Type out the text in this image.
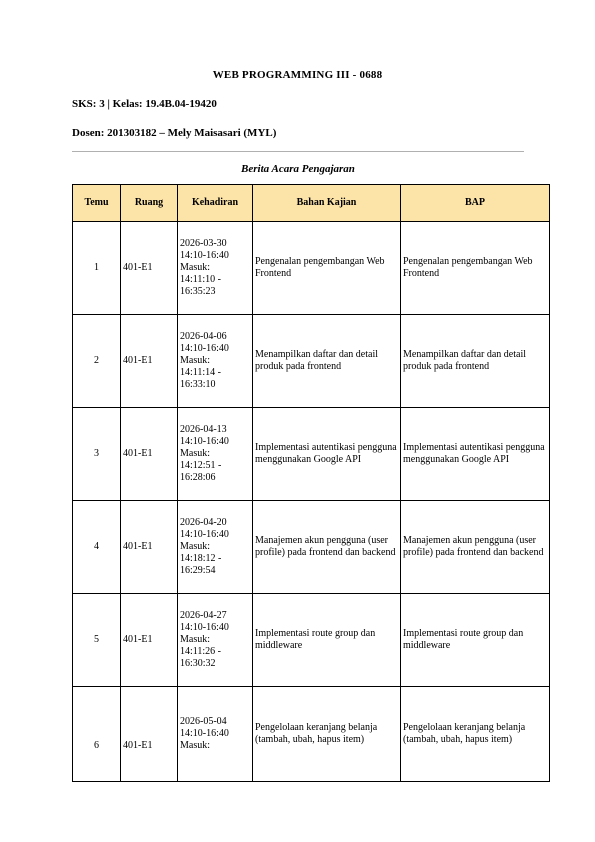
WEB PROGRAMMING III - 0688
SKS: 3 | Kelas: 19.4B.04-19420
Dosen: 201303182 – Mely Maisasari (MYL)
Berita Acara Pengajaran
Temu	Ruang	Kehadiran	Bahan Kajian	BAP
1	401-E1	2026-03-30
14:10-16:40
Masuk:
14:11:10 -
16:35:23	Pengenalan pengembangan Web Frontend	Pengenalan pengembangan Web Frontend
2	401-E1	2026-04-06
14:10-16:40
Masuk:
14:11:14 -
16:33:10	Menampilkan daftar dan detail produk pada frontend	Menampilkan daftar dan detail produk pada frontend
3	401-E1	2026-04-13
14:10-16:40
Masuk:
14:12:51 -
16:28:06	Implementasi autentikasi pengguna menggunakan Google API	Implementasi autentikasi pengguna menggunakan Google API
4	401-E1	2026-04-20
14:10-16:40
Masuk:
14:18:12 -
16:29:54	Manajemen akun pengguna (user profile) pada frontend dan backend	Manajemen akun pengguna (user profile) pada frontend dan backend
5	401-E1	2026-04-27
14:10-16:40
Masuk:
14:11:26 -
16:30:32	Implementasi route group dan middleware	Implementasi route group dan middleware
6	401-E1	2026-05-04
14:10-16:40
Masuk:	Pengelolaan keranjang belanja (tambah, ubah, hapus item)	Pengelolaan keranjang belanja (tambah, ubah, hapus item)
